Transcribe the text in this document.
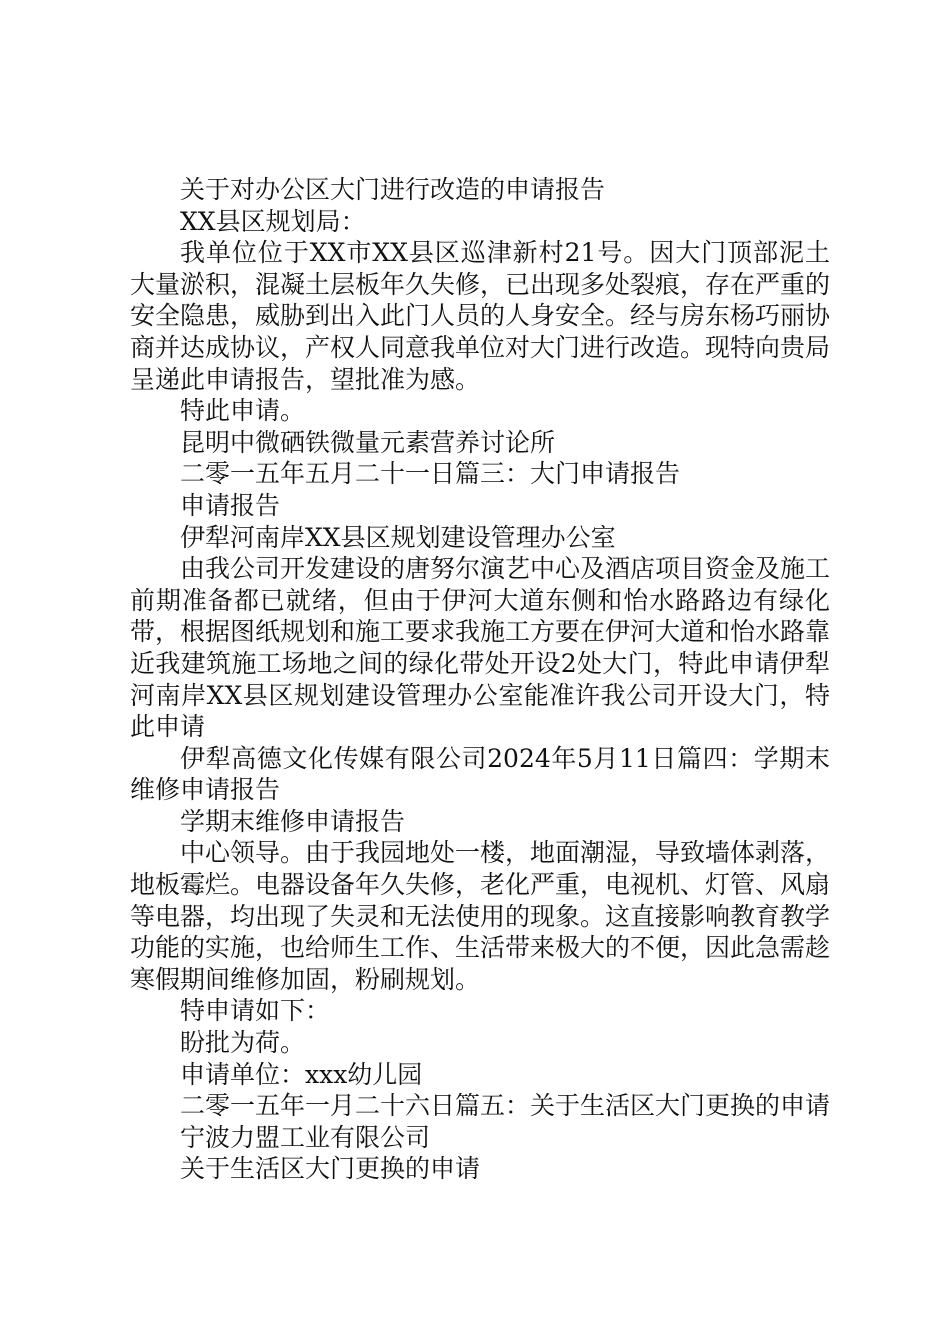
关于对办公区大门进行改造的申请报告

XX县区规划局：

我单位位于XX市XX县区巡津新村21号。因大门顶部泥土大量淤积，混凝土层板年久失修，已出现多处裂痕，存在严重的安全隐患，威胁到出入此门人员的人身安全。经与房东杨巧丽协商并达成协议，产权人同意我单位对大门进行改造。现特向贵局呈递此申请报告，望批准为感。

特此申请。

昆明中微硒铁微量元素营养讨论所

二零一五年五月二十一日篇三：大门申请报告

申请报告

伊犁河南岸XX县区规划建设管理办公室

由我公司开发建设的唐努尔演艺中心及酒店项目资金及施工前期准备都已就绪，但由于伊河大道东侧和怡水路路边有绿化带，根据图纸规划和施工要求我施工方要在伊河大道和怡水路靠近我建筑施工场地之间的绿化带处开设2处大门，特此申请伊犁河南岸XX县区规划建设管理办公室能准许我公司开设大门，特此申请

伊犁高德文化传媒有限公司2024年5月11日篇四：学期末维修申请报告

学期末维修申请报告

中心领导。由于我园地处一楼，地面潮湿，导致墙体剥落，地板霉烂。电器设备年久失修，老化严重，电视机、灯管、风扇等电器，均出现了失灵和无法使用的现象。这直接影响教育教学功能的实施，也给师生工作、生活带来极大的不便，因此急需趁寒假期间维修加固，粉刷规划。

特申请如下：

盼批为荷。

申请单位：xxx幼儿园

二零一五年一月二十六日篇五：关于生活区大门更换的申请

宁波力盟工业有限公司

关于生活区大门更换的申请
